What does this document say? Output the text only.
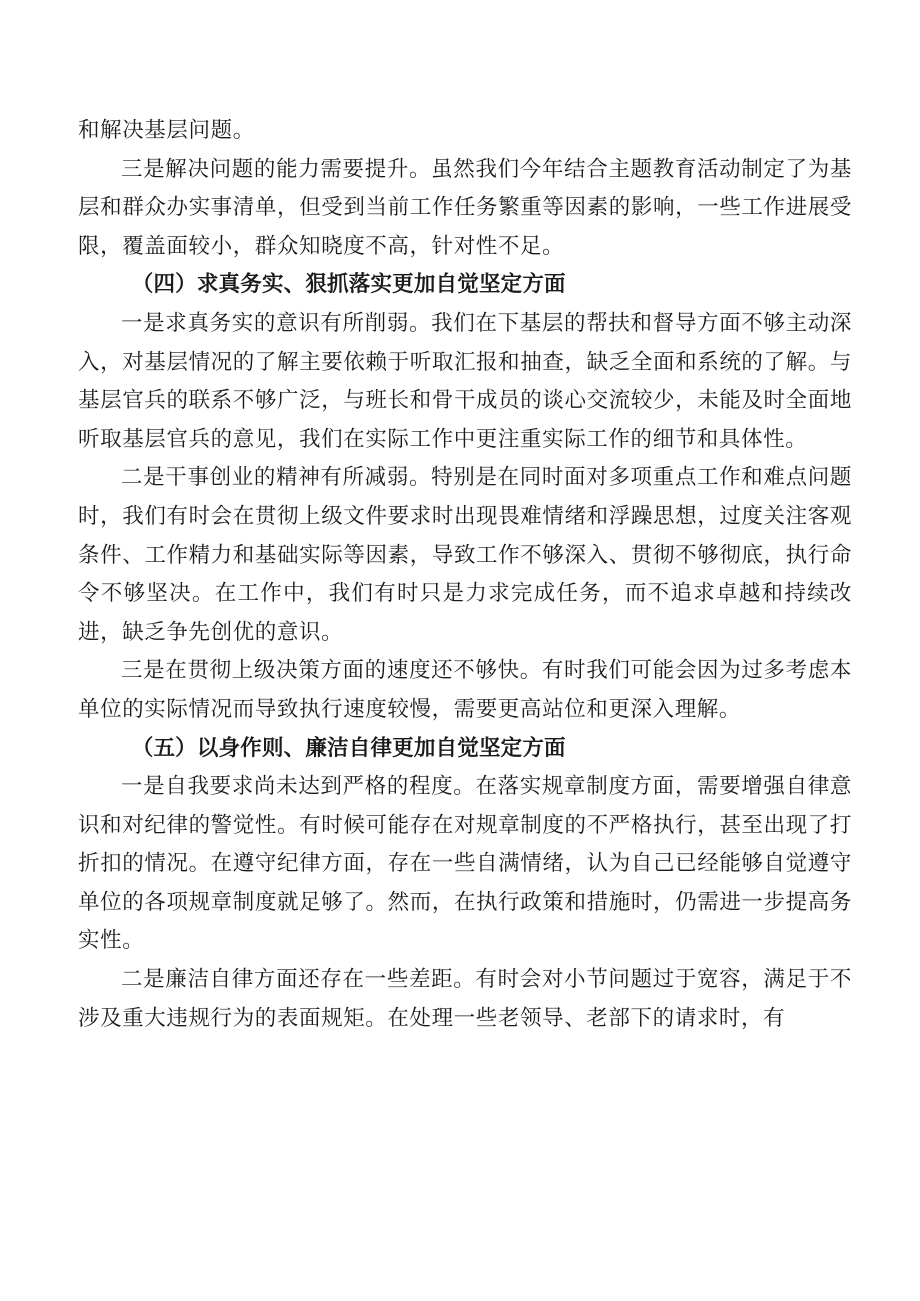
和解决基层问题。

三是解决问题的能力需要提升。虽然我们今年结合主题教育活动制定了为基层和群众办实事清单，但受到当前工作任务繁重等因素的影响，一些工作进展受限，覆盖面较小，群众知晓度不高，针对性不足。

（四）求真务实、狠抓落实更加自觉坚定方面

一是求真务实的意识有所削弱。我们在下基层的帮扶和督导方面不够主动深入，对基层情况的了解主要依赖于听取汇报和抽查，缺乏全面和系统的了解。与基层官兵的联系不够广泛，与班长和骨干成员的谈心交流较少，未能及时全面地听取基层官兵的意见，我们在实际工作中更注重实际工作的细节和具体性。

二是干事创业的精神有所减弱。特别是在同时面对多项重点工作和难点问题时，我们有时会在贯彻上级文件要求时出现畏难情绪和浮躁思想，过度关注客观条件、工作精力和基础实际等因素，导致工作不够深入、贯彻不够彻底，执行命令不够坚决。在工作中，我们有时只是力求完成任务，而不追求卓越和持续改进，缺乏争先创优的意识。

三是在贯彻上级决策方面的速度还不够快。有时我们可能会因为过多考虑本单位的实际情况而导致执行速度较慢，需要更高站位和更深入理解。

（五）以身作则、廉洁自律更加自觉坚定方面

一是自我要求尚未达到严格的程度。在落实规章制度方面，需要增强自律意识和对纪律的警觉性。有时候可能存在对规章制度的不严格执行，甚至出现了打折扣的情况。在遵守纪律方面，存在一些自满情绪，认为自己已经能够自觉遵守单位的各项规章制度就足够了。然而，在执行政策和措施时，仍需进一步提高务实性。

二是廉洁自律方面还存在一些差距。有时会对小节问题过于宽容，满足于不涉及重大违规行为的表面规矩。在处理一些老领导、老部下的请求时，有
